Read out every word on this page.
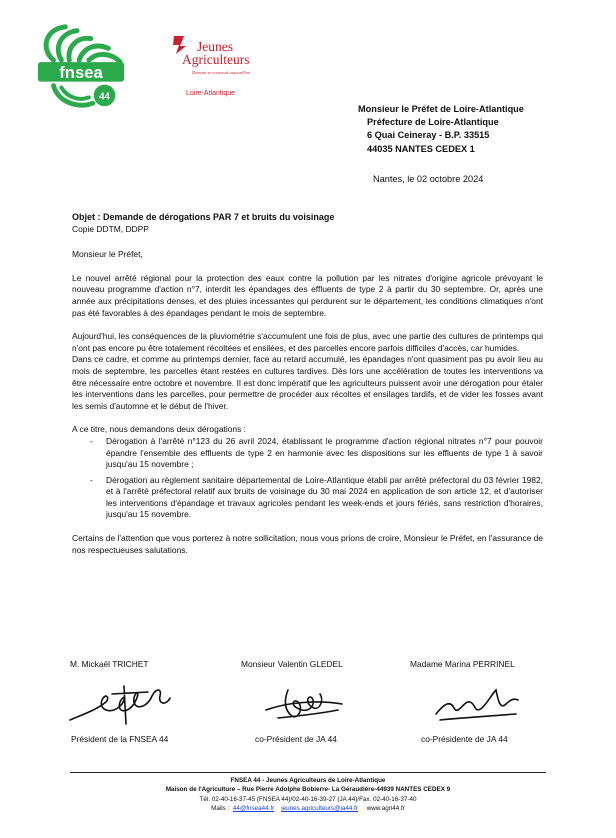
fnsea
44
Jeunes
Agriculteurs
Demain se construit aujourd'hui
Loire-Atlantique
Monsieur le Préfet de Loire-Atlantique
Préfecture de Loire-Atlantique
6 Quai Ceineray - B.P. 33515
44035 NANTES CEDEX 1
Nantes, le 02 octobre 2024

Objet : Demande de dérogations PAR 7 et bruits du voisinage

Copie DDTM, DDPP

Monsieur le Préfet,

Le nouvel arrêté régional pour la protection des eaux contre la pollution par les nitrates d'origine agricole prévoyant le nouveau programme d'action n°7, interdit les épandages des effluents de type 2 à partir du 30 septembre. Or, après une année aux précipitations denses, et des pluies incessantes qui perdurent sur le département, les conditions climatiques n'ont pas été favorables à des épandages pendant le mois de septembre.

Aujourd'hui, les conséquences de la pluviométrie s'accumulent une fois de plus, avec une partie des cultures de printemps qui n'ont pas encore pu être totalement récoltées et ensilées, et des parcelles encore parfois difficiles d'accès, car humides.

Dans ce cadre, et comme au printemps dernier, face au retard accumulé, les épandages n'ont quasiment pas pu avoir lieu au mois de septembre, les parcelles étant restées en cultures tardives. Dès lors une accélération de toutes les interventions va être nécessaire entre octobre et novembre. Il est donc impératif que les agriculteurs puissent avoir une dérogation pour étaler les interventions dans les parcelles, pour permettre de procéder aux récoltes et ensilages tardifs, et de vider les fosses avant les semis d'automne et le début de l'hiver.

A ce titre, nous demandons deux dérogations :

- Dérogation à l'arrêté n°123 du 26 avril 2024, établissant le programme d'action régional nitrates n°7 pour pouvoir épandre l'ensemble des effluents de type 2 en harmonie avec les dispositions sur les effluents de type 1 à savoir jusqu'au 15 novembre ;
- Dérogation au règlement sanitaire départemental de Loire-Atlantique établi par arrêté préfectoral du 03 février 1982, et à l'arrêté préfectoral relatif aux bruits de voisinage du 30 mai 2024 en application de son article 12, et d'autoriser les interventions d'épandage et travaux agricoles pendant les week-ends et jours fériés, sans restriction d'horaires, jusqu'au 15 novembre.

Certains de l'attention que vous porterez à notre sollicitation, nous vous prions de croire, Monsieur le Préfet, en l'assurance de nos respectueuses salutations.

M. Mickaël TRICHET	Monsieur Valentin GLEDEL	Madame Marina PERRINEL
Président de la FNSEA 44	co-Président de JA 44	co-Présidente de JA 44
FNSEA 44 - Jeunes Agriculteurs de Loire-Atlantique
Maison de l'Agriculture – Rue Pierre Adolphe Bobierre- La Géraudière-44939 NANTES CEDEX 9
Tél. 02-40-16-37-45 (FNSEA 44)/02-40-16-39-27 (JA 44)/Fax. 02-40-16-37-40
Mails : 44@fnsea44.fr jeunes.agriculteurs@ja44.fr www.agri44.fr
